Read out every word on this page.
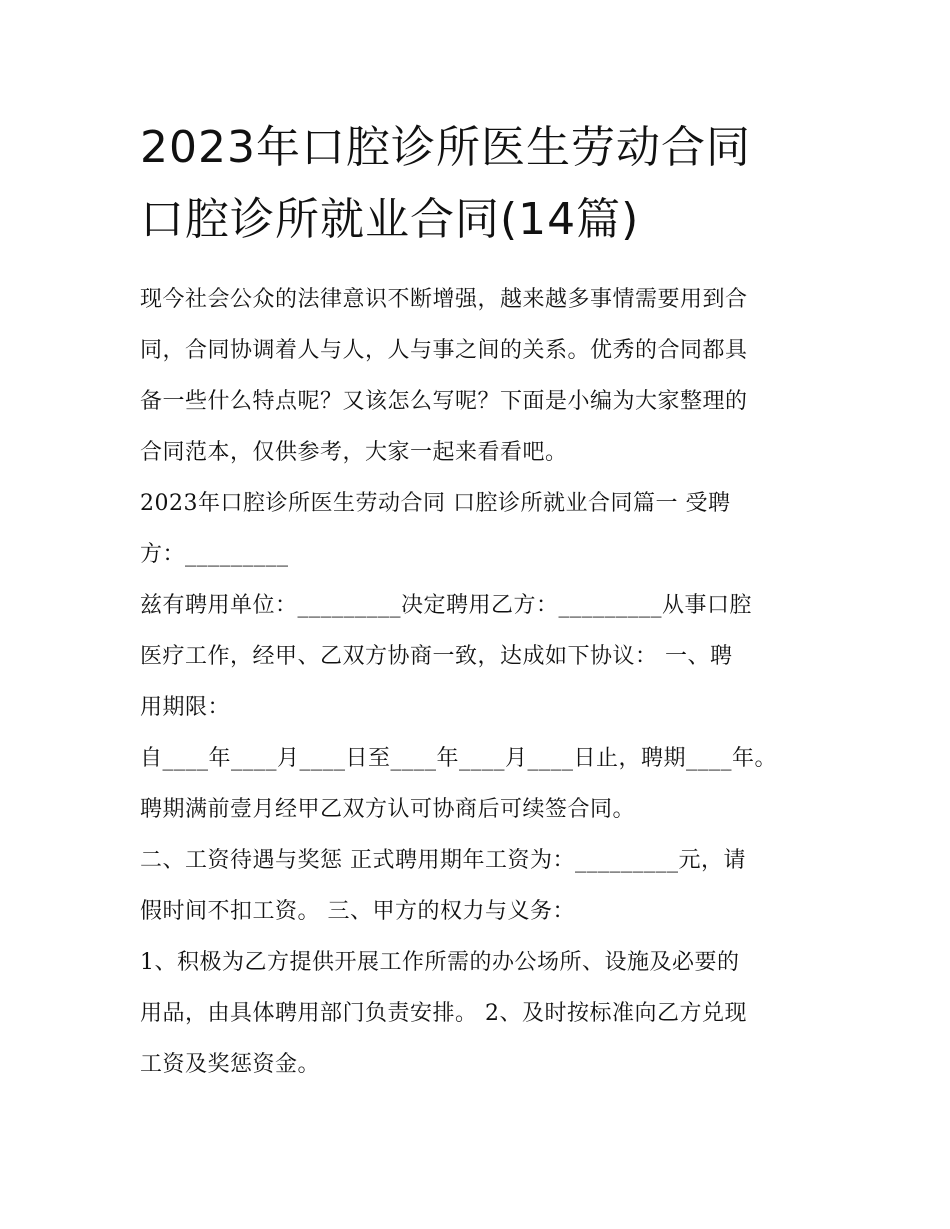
2023年口腔诊所医生劳动合同
口腔诊所就业合同(14篇)

现今社会公众的法律意识不断增强，越来越多事情需要用到合
同，合同协调着人与人，人与事之间的关系。优秀的合同都具
备一些什么特点呢？又该怎么写呢？下面是小编为大家整理的
合同范本，仅供参考，大家一起来看看吧。

2023年口腔诊所医生劳动合同 口腔诊所就业合同篇一 受聘
方：_________

兹有聘用单位：_________决定聘用乙方：_________从事口腔
医疗工作，经甲、乙双方协商一致，达成如下协议： 一、聘
用期限：

自____年____月____日至____年____月____日止，聘期____年。
聘期满前壹月经甲乙双方认可协商后可续签合同。

二、工资待遇与奖惩 正式聘用期年工资为：_________元，请
假时间不扣工资。 三、甲方的权力与义务：

1、积极为乙方提供开展工作所需的办公场所、设施及必要的
用品，由具体聘用部门负责安排。 2、及时按标准向乙方兑现
工资及奖惩资金。
